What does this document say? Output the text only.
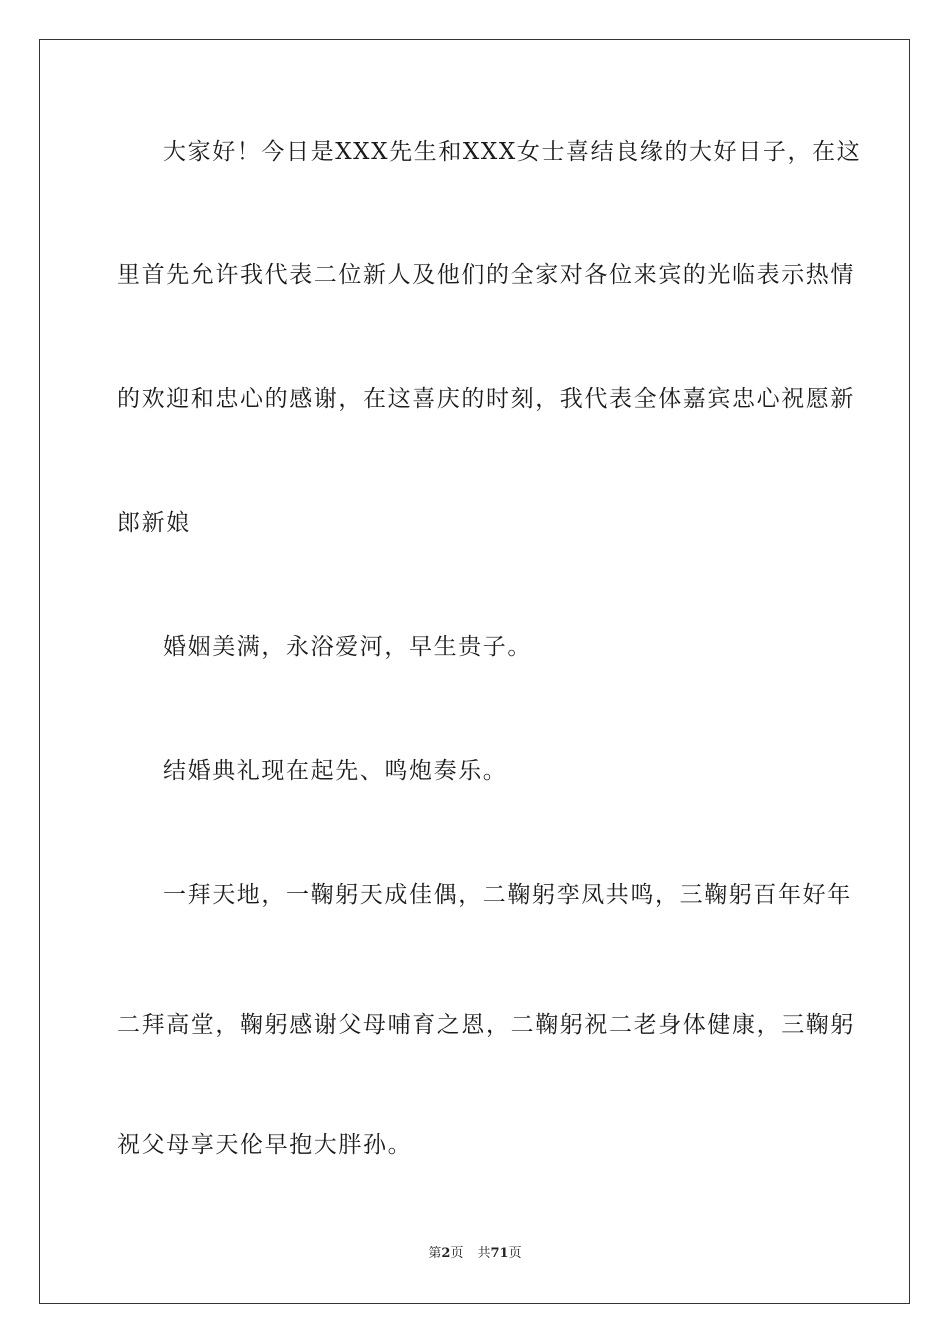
大家好！今日是XXX先生和XXX女士喜结良缘的大好日子，在这
里首先允许我代表二位新人及他们的全家对各位来宾的光临表示热情
的欢迎和忠心的感谢，在这喜庆的时刻，我代表全体嘉宾忠心祝愿新
郎新娘
婚姻美满，永浴爱河，早生贵子。
结婚典礼现在起先、鸣炮奏乐。
一拜天地，一鞠躬天成佳偶，二鞠躬孪凤共鸣，三鞠躬百年好年
二拜高堂，鞠躬感谢父母哺育之恩，二鞠躬祝二老身体健康，三鞠躬
祝父母享天伦早抱大胖孙。
第2页 共71页
